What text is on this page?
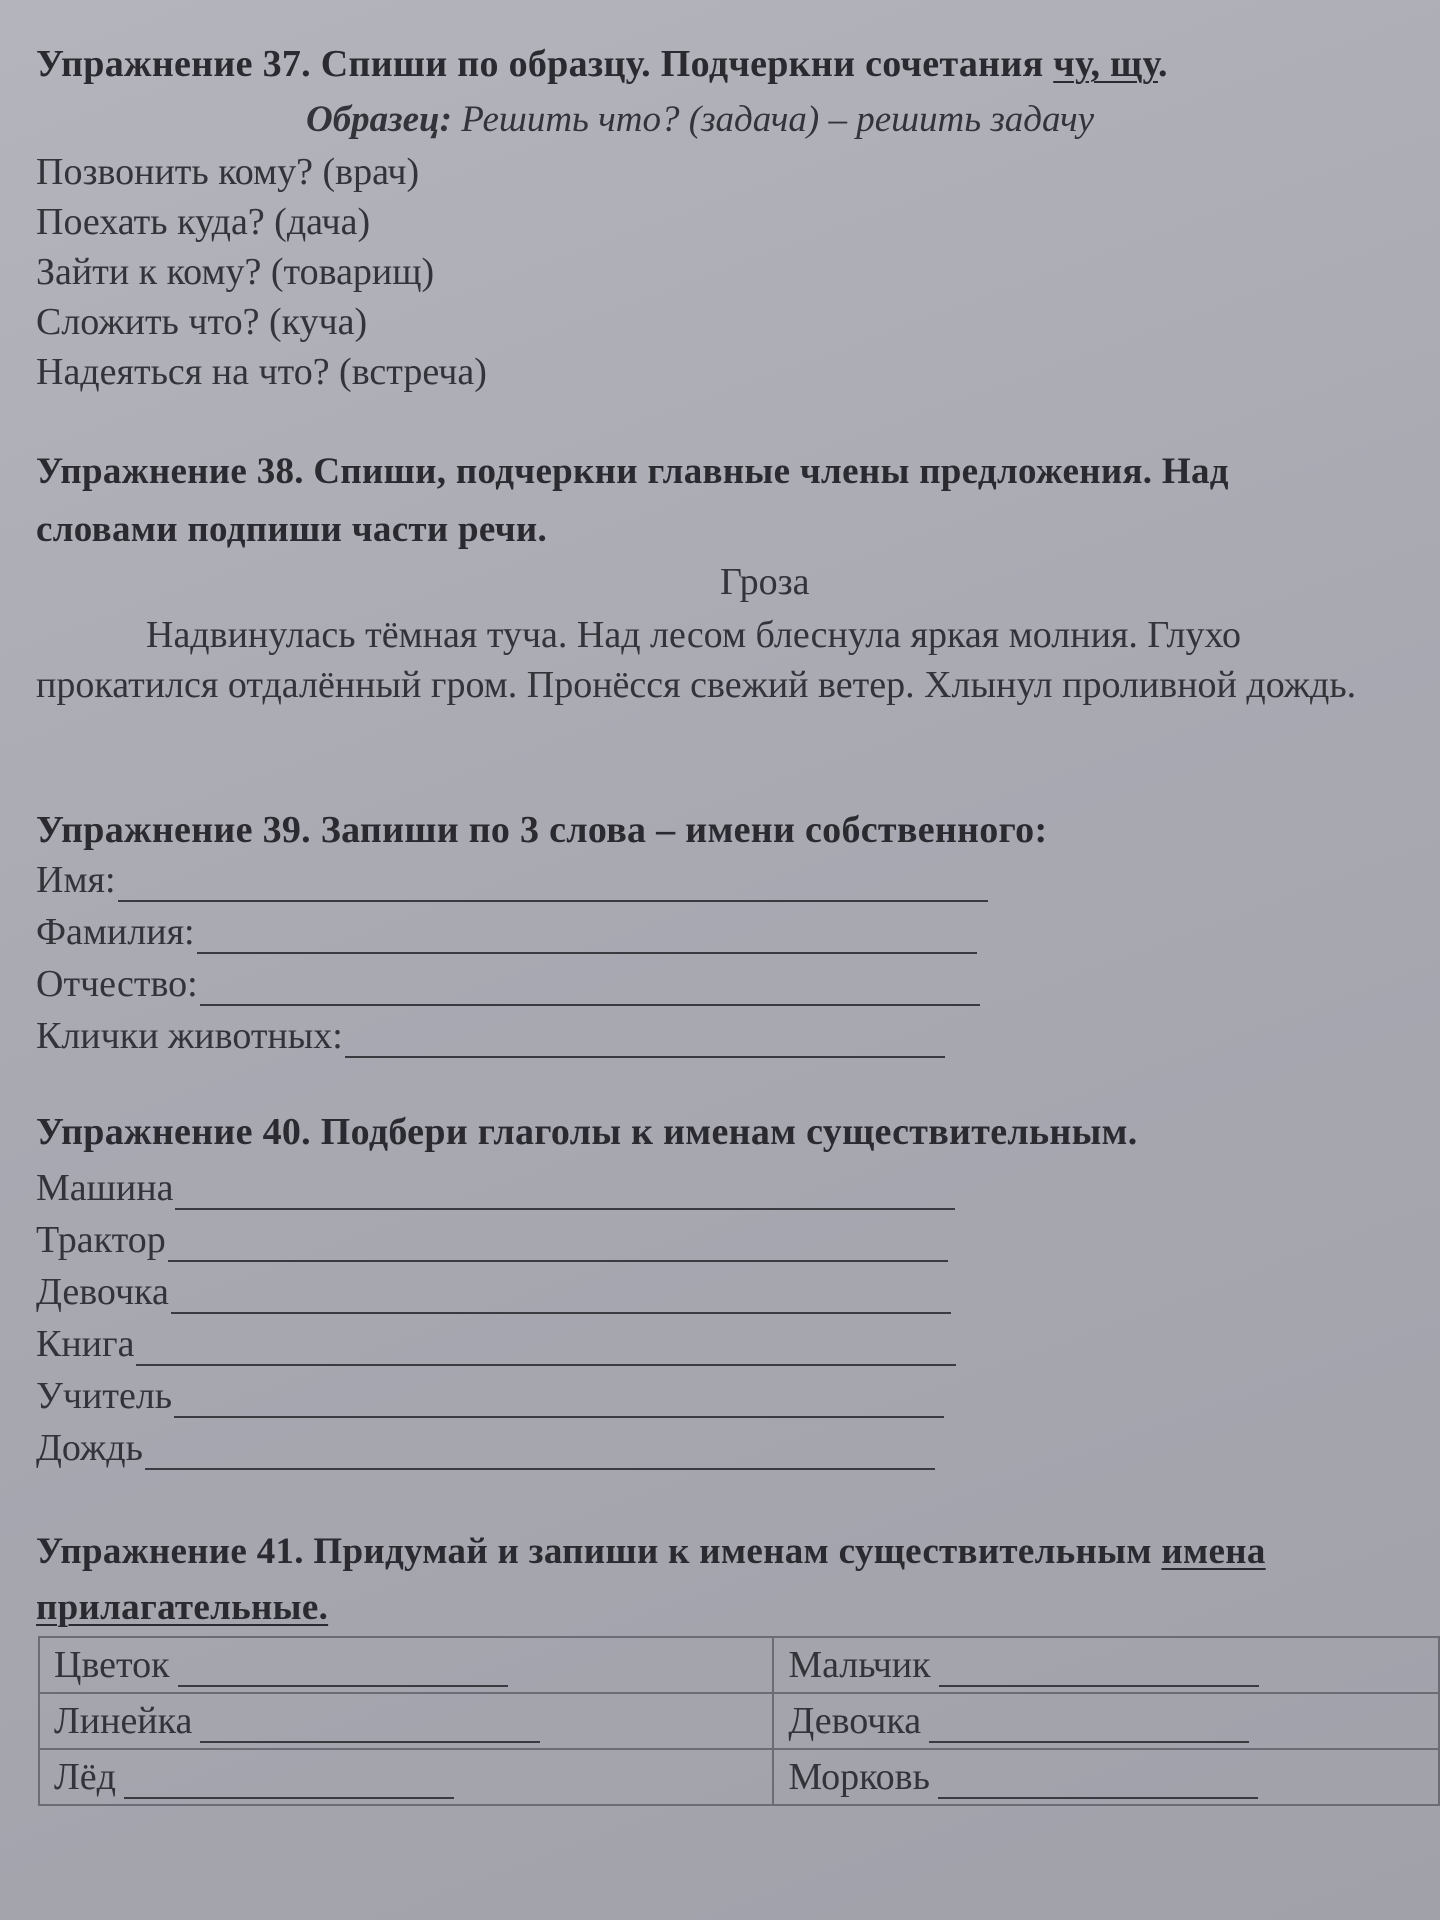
Упражнение 37. Спиши по образцу. Подчеркни сочетания чу, щу.
Образец: Решить что? (задача) – решить задачу
Позвонить кому? (врач)
Поехать куда? (дача)
Зайти к кому? (товарищ)
Сложить что? (куча)
Надеяться на что? (встреча)
Упражнение 38. Спиши, подчеркни главные члены предложения. Над
словами подпиши части речи.
Гроза
Надвинулась тёмная туча. Над лесом блеснула яркая молния. Глухо прокатился отдалённый гром. Пронёсся свежий ветер. Хлынул проливной дождь.
Упражнение 39. Запиши по 3 слова – имени собственного:
Имя:
Фамилия:
Отчество:
Клички животных:
Упражнение 40. Подбери глаголы к именам существительным.
Машина
Трактор
Девочка
Книга
Учитель
Дождь
Упражнение 41. Придумай и запиши к именам существительным имена
прилагательные.
Цветок	Мальчик

Линейка	Девочка

Лёд	Морковь
